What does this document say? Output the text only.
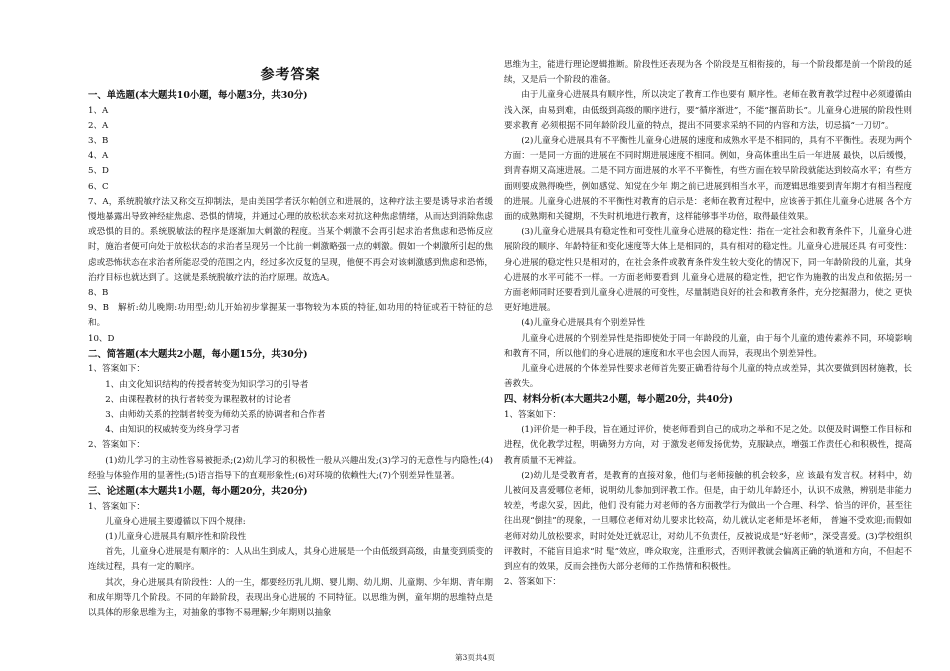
参考答案
一、单选题(本大题共10小题，每小题3分，共30分)
1、A
2、A
3、B
4、A
5、D
6、C
7、A，系统脱敏疗法又称交互抑制法，是由美国学者沃尔帕创立和进展的，这种疗法主要是诱导求治者缓慢地暴露出导致神经症焦虑、恐惧的情境，并通过心理的放松状态来对抗这种焦虑情绪，从而达到消除焦虑或恐惧的目的。系统脱敏法的程序是逐渐加大刺激的程度。当某个刺激不会再引起求治者焦虑和恐怖反应时，施治者便可向处于放松状态的求治者呈现另一个比前一刺激略强一点的刺激。假如一个刺激所引起的焦虑或恐怖状态在求治者所能忍受的范围之内，经过多次反复的呈现，他便不再会对该刺激感到焦虑和恐怖，治疗目标也就达到了。这就是系统脱敏疗法的治疗原理。故选A。
8、B
9、B　解析:幼儿晚期:功用型;幼儿开始初步掌握某一事物较为本质的特征,如功用的特征或若干特征的总和。
10、D
二、简答题(本大题共2小题，每小题15分，共30分)
1、答案如下：
1、由文化知识结构的传授者转变为知识学习的引导者
2、由课程教材的执行者转变为课程教材的讨论者
3、由师幼关系的控制者转变为师幼关系的协调者和合作者
4、由知识的权威转变为终身学习者
2、答案如下：
(1)幼儿学习的主动性容易被扼杀;(2)幼儿学习的积极性一般从兴趣出发;(3)学习的无意性与内隐性;(4)经验与体验作用的显著性;(5)语言指导下的直观形象性;(6)对环境的依赖性大;(7)个别差异性显著。
三、论述题(本大题共1小题，每小题20分，共20分)
1、答案如下：
儿童身心进展主要遵循以下四个规律:
(1)儿童身心进展具有顺序性和阶段性
首先，儿童身心进展是有顺序的：人从出生到成人，其身心进展是一个由低级到高级，由量变到质变的连续过程，具有一定的顺序。
其次，身心进展具有阶段性：人的一生，都要经历乳儿期、婴儿期、幼儿期、儿童期、少年期、青年期和成年期等几个阶段。不同的年龄阶段，表现出身心进展的 不同特征。以思维为例，童年期的思维特点是以具体的形象思维为主，对抽象的事物不易理解;少年期则以抽象
思维为主，能进行理论逻辑推断。阶段性还表现为各 个阶段是互相衔接的，每一个阶段都是前一个阶段的延续，又是后一个阶段的准备。
由于儿童身心进展具有顺序性，所以决定了教育工作也要有 顺序性。老师在教育教学过程中必须遵循由浅入深，由易到难，由低级到高级的顺序进行，要“循序渐进”，不能“揠苗助长”。儿童身心进展的阶段性则要求教育 必须根据不同年龄阶段儿童的特点，提出不同要求采纳不同的内容和方法，切忌搞“一刀切”。
(2)儿童身心进展具有不平衡性儿童身心进展的速度和成熟水平是不相同的，具有不平衡性。表现为两个方面：一是同一方面的进展在不同时期进展速度不相同。例如，身高体重出生后一年进展 最快，以后缓慢，到青春期又高速进展。二是不同方面进展的水平不平衡性，有些方面在较早阶段就能达到较高水平；有些方面则要成熟得晚些，例如感觉、知觉在少年 期之前已进展到相当水平，而逻辑思维要到青年期才有相当程度的进展。儿童身心进展的不平衡性对教育的启示是：老师在教育过程中，应该善于抓住儿童身心进展 各个方面的成熟期和关键期，不失时机地进行教育，这样能够事半功倍，取得最佳效果。
(3)儿童身心进展具有稳定性和可变性儿童身心进展的稳定性：指在一定社会和教育条件下，儿童身心进展阶段的顺序、年龄特征和变化速度等大体上是相同的，具有相对的稳定性。儿童身心进展还具 有可变性：身心进展的稳定性只是相对的，在社会条件或教育条件发生较大变化的情况下，同一年龄阶段的儿童，其身心进展的水平可能不一样。一方面老师要看到 儿童身心进展的稳定性，把它作为施教的出发点和依据;另一方面老师同时还要看到儿童身心进展的可变性，尽量制造良好的社会和教育条件，充分挖掘潜力，使之 更快更好地进展。
(4)儿童身心进展具有个别差异性
儿童身心进展的个别差异性是指即使处于同一年龄段的儿童，由于每个儿童的遗传素养不同，环境影响和教育不同，所以他们的身心进展的速度和水平也会因人而异，表现出个别差异性。
儿童身心进展的个体差异性要求老师首先要正确看待每个儿童的特点或差异，其次要做到因材施教，长善救失。
四、材料分析(本大题共2小题，每小题20分，共40分)
1、答案如下：
(1)评价是一种手段，旨在通过评价，使老师看到自己的成功之举和不足之处。以便及时调整工作目标和进程，优化教学过程，明确努力方向，对 于激发老师发扬优势，克服缺点，增强工作责任心和积极性，提高教育质量不无裨益。
(2)幼儿是受教育者，是教育的直接对象，他们与老师接触的机会较多，应 该最有发言权。材料中，幼儿被问及喜爱哪位老师，说明幼儿参加到评教工作。但是，由于幼儿年龄还小，认识不成熟，辨别是非能力较差，考虑欠妥，因此，他们 没有能力对老师的各方面教学行为做出一个合理、科学、恰当的评价，甚至往往出现“倒挂”的现象，一旦哪位老师对幼儿要求比较高，幼儿就认定老师是坏老师， 普遍不受欢迎;而假如老师对幼儿放松要求，时时处处迁就忍让，对幼儿不负责任，反被说成是“好老师”，深受喜爱。(3)学校组织评教时，不能盲目追求“时 髦”效应，哗众取宠，注重形式，否则评教就会偏离正确的轨道和方向，不但起不到应有的效果，反而会挫伤大部分老师的工作热情和积极性。
2、答案如下：
第3页共4页
